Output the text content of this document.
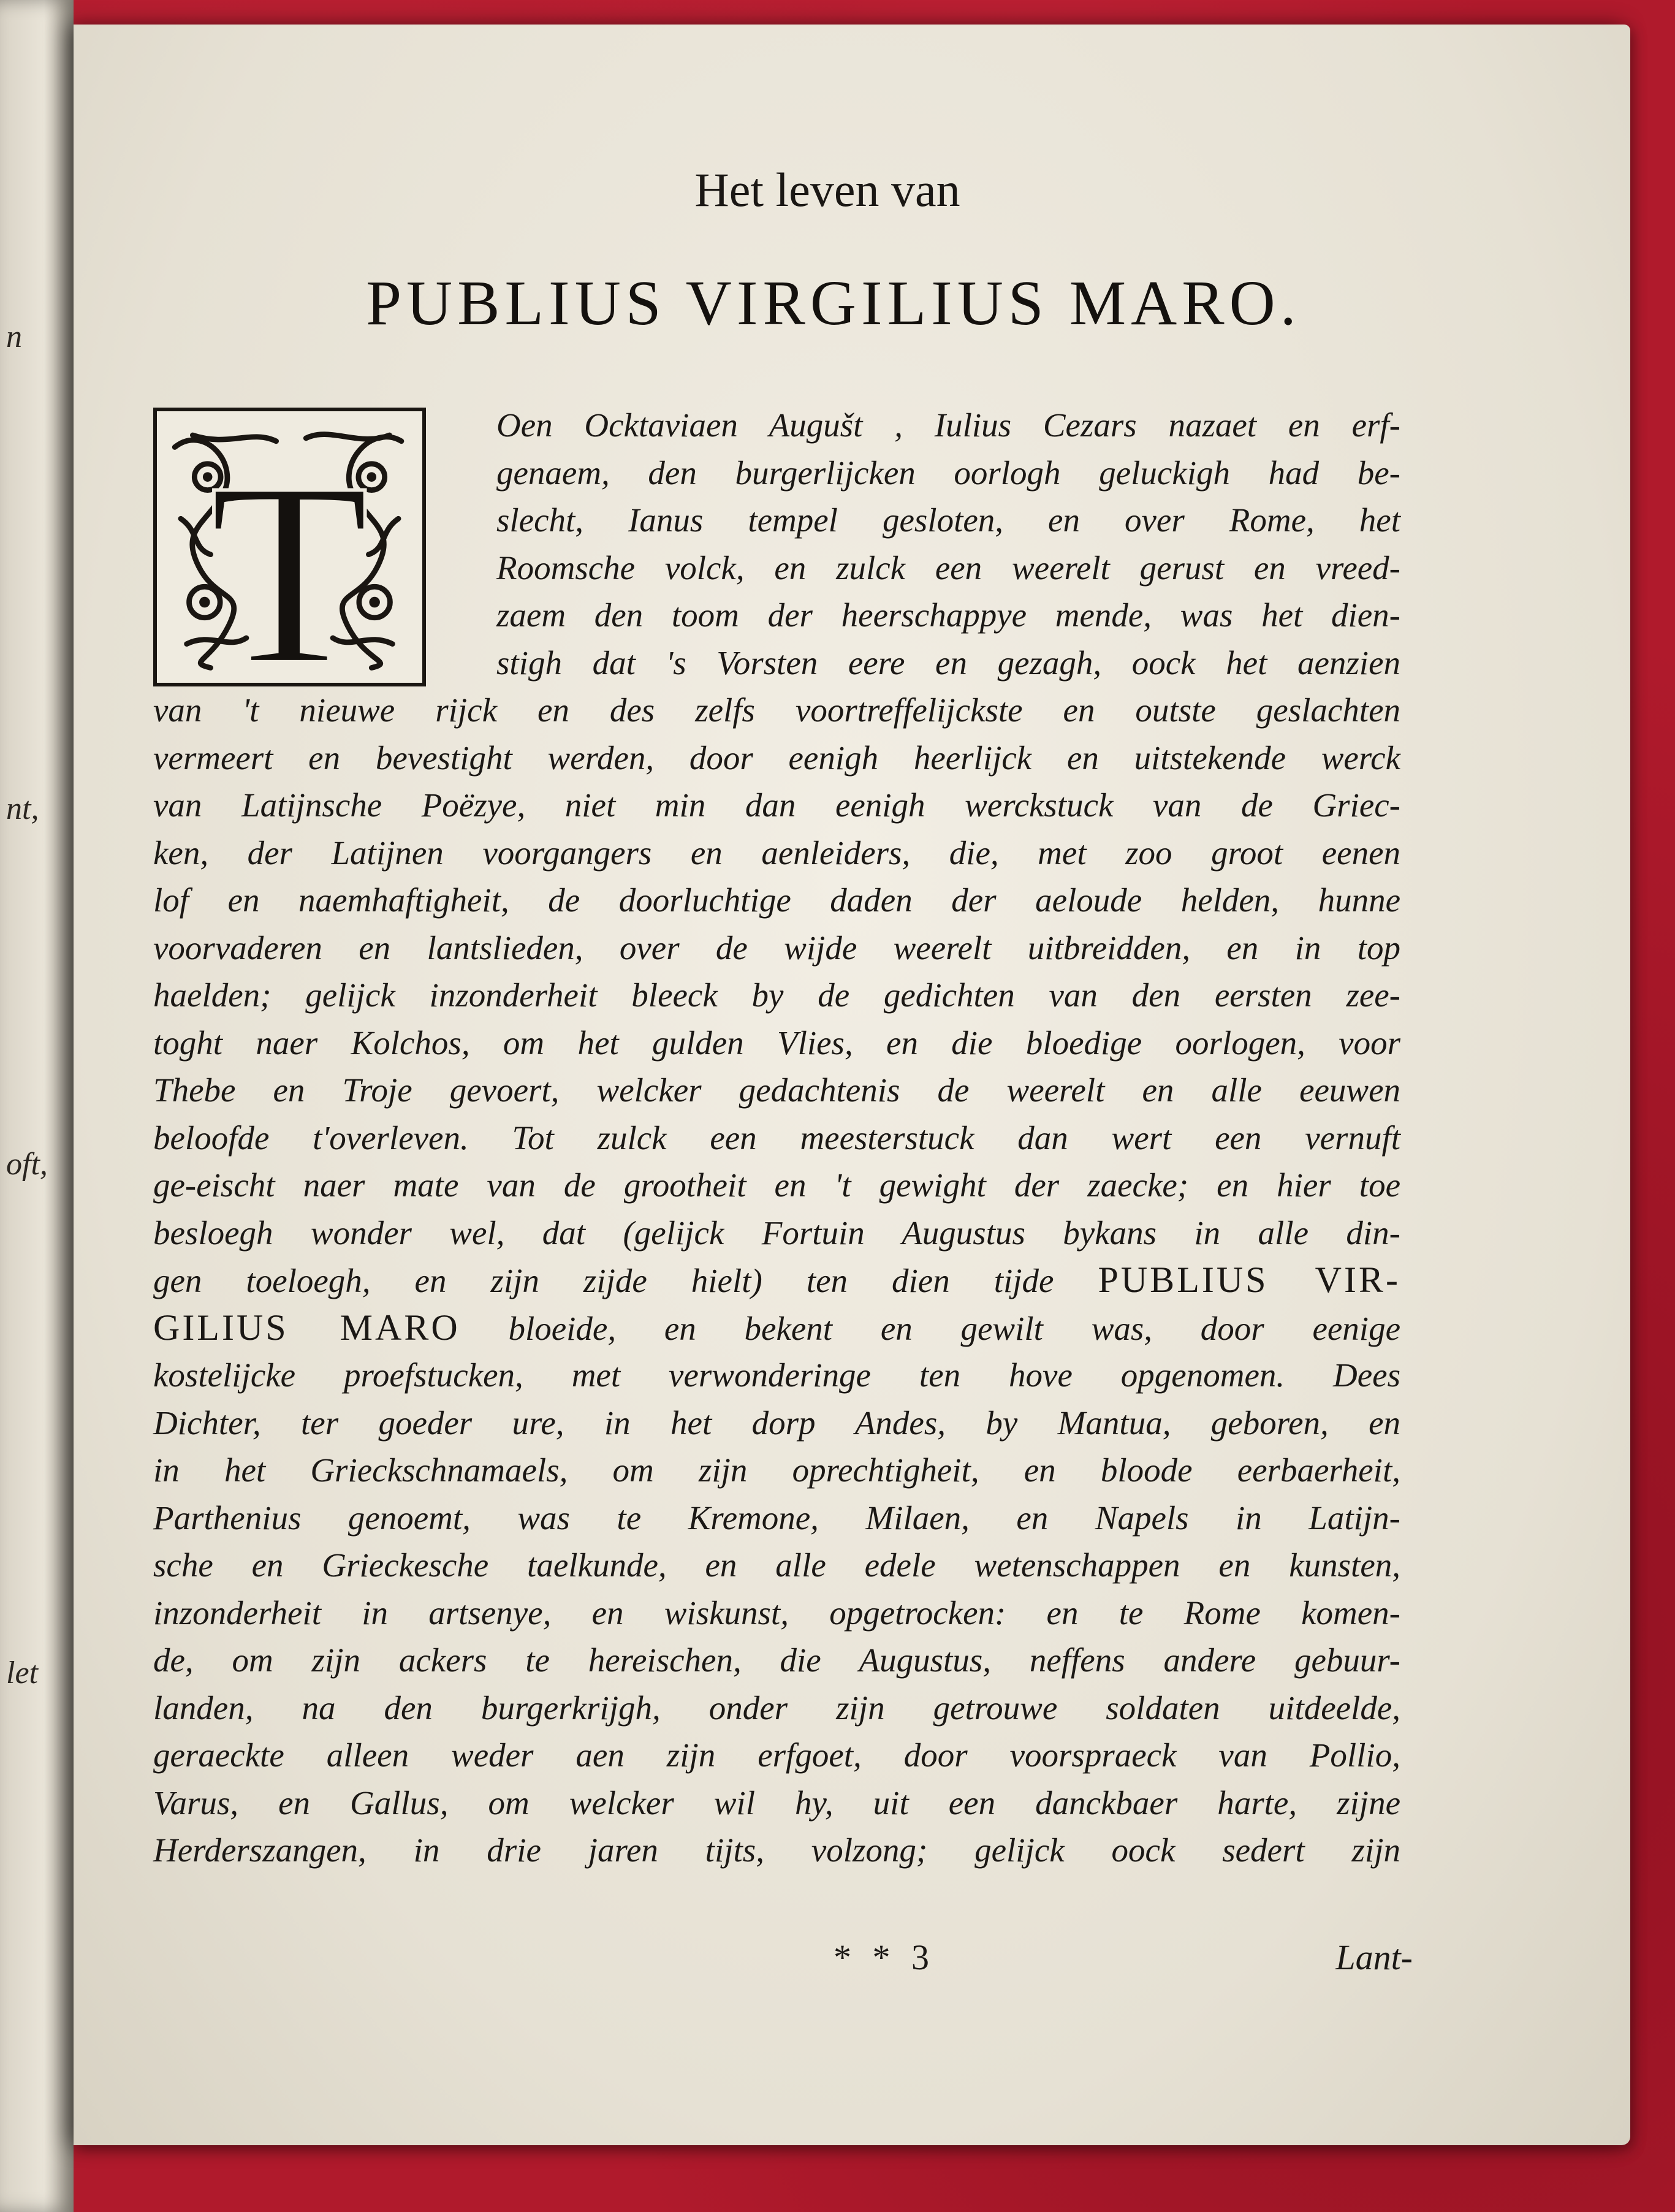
n
nt,
oft,
let
Het leven van
PUBLIUS VIRGILIUS MARO.
T
Oen Ocktaviaen Augušt , Iulius Cezars nazaet en erf-
genaem, den burgerlijcken oorlogh geluckigh had be-
slecht, Ianus tempel gesloten, en over Rome, het
Roomsche volck, en zulck een weerelt gerust en vreed-
zaem den toom der heerschappye mende, was het dien-
stigh dat 's Vorsten eere en gezagh, oock het aenzien
van 't nieuwe rijck en des zelfs voortreffelijckste en outste geslachten
vermeert en bevestight werden, door eenigh heerlijck en uitstekende werck
van Latijnsche Poëzye, niet min dan eenigh werckstuck van de Griec-
ken, der Latijnen voorgangers en aenleiders, die, met zoo groot eenen
lof en naemhaftigheit, de doorluchtige daden der aeloude helden, hunne
voorvaderen en lantslieden, over de wijde weerelt uitbreidden, en in top
haelden; gelijck inzonderheit bleeck by de gedichten van den eersten zee-
toght naer Kolchos, om het gulden Vlies, en die bloedige oorlogen, voor
Thebe en Troje gevoert, welcker gedachtenis de weerelt en alle eeuwen
beloofde t'overleven. Tot zulck een meesterstuck dan wert een vernuft
ge-eischt naer mate van de grootheit en 't gewight der zaecke; en hier toe
besloegh wonder wel, dat (gelijck Fortuin Augustus bykans in alle din-
gen toeloegh, en zijn zijde hielt) ten dien tijde PUBLIUS VIR-
GILIUS MARO bloeide, en bekent en gewilt was, door eenige
kostelijcke proefstucken, met verwonderinge ten hove opgenomen. Dees
Dichter, ter goeder ure, in het dorp Andes, by Mantua, geboren, en
in het Grieckschnamaels, om zijn oprechtigheit, en bloode eerbaerheit,
Parthenius genoemt, was te Kremone, Milaen, en Napels in Latijn-
sche en Grieckesche taelkunde, en alle edele wetenschappen en kunsten,
inzonderheit in artsenye, en wiskunst, opgetrocken: en te Rome komen-
de, om zijn ackers te hereischen, die Augustus, neffens andere gebuur-
landen, na den burgerkrijgh, onder zijn getrouwe soldaten uitdeelde,
geraeckte alleen weder aen zijn erfgoet, door voorspraeck van Pollio,
Varus, en Gallus, om welcker wil hy, uit een danckbaer harte, zijne
Herderszangen, in drie jaren tijts, volzong; gelijck oock sedert zijn
* * 3	Lant-
